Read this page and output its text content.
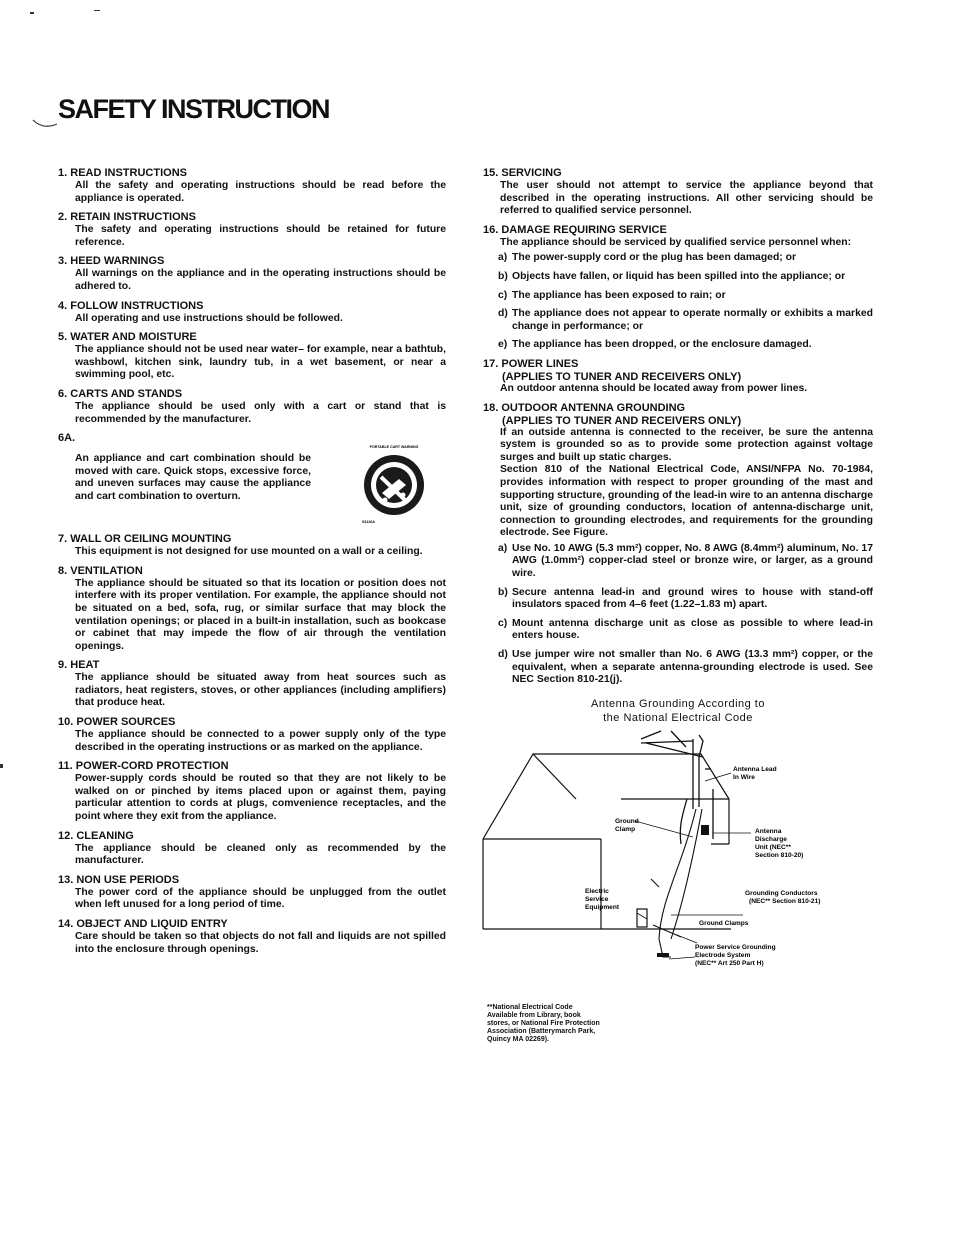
SAFETY INSTRUCTION

1. READ INSTRUCTIONS

All the safety and operating instructions should be read before the appliance is operated.

2. RETAIN INSTRUCTIONS

The safety and operating instructions should be retained for future reference.

3. HEED WARNINGS

All warnings on the appliance and in the operating instructions should be adhered to.

4. FOLLOW INSTRUCTIONS

All operating and use instructions should be followed.

5. WATER AND MOISTURE

The appliance should not be used near water– for example, near a bathtub, washbowl, kitchen sink, laundry tub, in a wet basement, or near a swimming pool, etc.

6. CARTS AND STANDS

The appliance should be used only with a cart or stand that is recommended by the manufacturer.

6A.

An appliance and cart combination should be moved with care. Quick stops, excessive force, and uneven surfaces may cause the appliance and cart combination to overturn.
PORTABLE CART WARNING
S3126A

7. WALL OR CEILING MOUNTING

This equipment is not designed for use mounted on a wall or a ceiling.

8. VENTILATION

The appliance should be situated so that its location or position does not interfere with its proper ventilation. For example, the appliance should not be situated on a bed, sofa, rug, or similar surface that may block the ventilation openings; or placed in a built-in installation, such as bookcase or cabinet that may impede the flow of air through the ventilation openings.

9. HEAT

The appliance should be situated away from heat sources such as radiators, heat registers, stoves, or other appliances (including amplifiers) that produce heat.

10. POWER SOURCES

The appliance should be connected to a power supply only of the type described in the operating instructions or as marked on the appliance.

11. POWER-CORD PROTECTION

Power-supply cords should be routed so that they are not likely to be walked on or pinched by items placed upon or against them, paying particular attention to cords at plugs, comvenience receptacles, and the point where they exit from the appliance.

12. CLEANING

The appliance should be cleaned only as recommended by the manufacturer.

13. NON USE PERIODS

The power cord of the appliance should be unplugged from the outlet when left unused for a long period of time.

14. OBJECT AND LIQUID ENTRY

Care should be taken so that objects do not fall and liquids are not spilled into the enclosure through openings.

15. SERVICING

The user should not attempt to service the appliance beyond that described in the operating instructions. All other servicing should be referred to qualified service personnel.

16. DAMAGE REQUIRING SERVICE

The appliance should be serviced by qualified service personnel when:

a) The power-supply cord or the plug has been damaged; or
b) Objects have fallen, or liquid has been spilled into the appliance; or
c) The appliance has been exposed to rain; or
d) The appliance does not appear to operate normally or exhibits a marked change in performance; or
e) The appliance has been dropped, or the enclosure damaged.

17. POWER LINES

(APPLIES TO TUNER AND RECEIVERS ONLY)

An outdoor antenna should be located away from power lines.

18. OUTDOOR ANTENNA GROUNDING

(APPLIES TO TUNER AND RECEIVERS ONLY)

If an outside antenna is connected to the receiver, be sure the antenna system is grounded so as to provide some protection against voltage surges and built up static charges.

Section 810 of the National Electrical Code, ANSI/NFPA No. 70-1984, provides information with respect to proper grounding of the mast and supporting structure, grounding of the lead-in wire to an antenna discharge unit, size of grounding conductors, location of antenna-discharge unit, connection to grounding electrodes, and requirements for the grounding electrode. See Figure.

a) Use No. 10 AWG (5.3 mm²) copper, No. 8 AWG (8.4mm²) aluminum, No. 17 AWG (1.0mm²) copper-clad steel or bronze wire, or larger, as a ground wire.
b) Secure antenna lead-in and ground wires to house with stand-off insulators spaced from 4–6 feet (1.22–1.83 m) apart.
c) Mount antenna discharge unit as close as possible to where lead-in enters house.
d) Use jumper wire not smaller than No. 6 AWG (13.3 mm²) copper, or the equivalent, when a separate antenna-grounding electrode is used. See NEC Section 810-21(j).

Antenna Grounding According to
the National Electrical Code

Antenna Lead
In Wire
Ground
Clamp	Antenna
Discharge
Unit (NEC**
Section 810-20)
Electric
Service
Equipment
Grounding Conductors
(NEC** Section 810-21)
Ground Clamps
Power Service Grounding
Electrode System
(NEC** Art 250 Part H)
**National Electrical Code
Available from Library, book
stores, or National Fire Protection
Association (Batterymarch Park,
Quincy MA 02269).
